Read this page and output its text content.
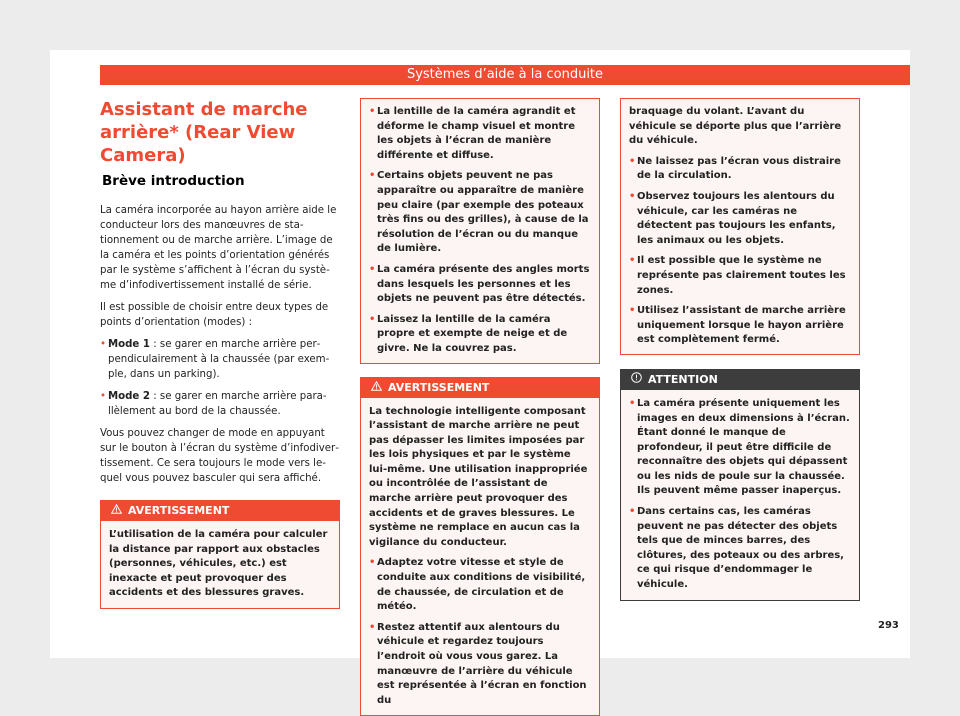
Systèmes d’aide à la conduite
Assistant de marche arrière* (Rear View Camera)
Brève introduction

La caméra incorporée au hayon arrière aide le conducteur lors des manœuvres de stationnement ou de marche arrière. L’image de la caméra et les points d’orientation générés par le système s’affichent à l’écran du système d’infodivertissement installé de série.

Il est possible de choisir entre deux types de points d’orientation (modes) :

• Mode 1 : se garer en marche arrière perpendiculairement à la chaussée (par exemple, dans un parking).

• Mode 2 : se garer en marche arrière parallèlement au bord de la chaussée.

Vous pouvez changer de mode en appuyant sur le bouton à l’écran du système d’infodivertissement. Ce sera toujours le mode vers lequel vous pouvez basculer qui sera affiché.

AVERTISSEMENT

L’utilisation de la caméra pour calculer la distance par rapport aux obstacles (personnes, véhicules, etc.) est inexacte et peut provoquer des accidents et des blessures graves.

• La lentille de la caméra agrandit et déforme le champ visuel et montre les objets à l’écran de manière différente et diffuse.

• Certains objets peuvent ne pas apparaître ou apparaître de manière peu claire (par exemple des poteaux très fins ou des grilles), à cause de la résolution de l’écran ou du manque de lumière.

• La caméra présente des angles morts dans lesquels les personnes et les objets ne peuvent pas être détectés.

• Laissez la lentille de la caméra propre et exempte de neige et de givre. Ne la couvrez pas.

AVERTISSEMENT

La technologie intelligente composant l’assistant de marche arrière ne peut pas dépasser les limites imposées par les lois physiques et par le système lui-même. Une utilisation inappropriée ou incontrôlée de l’assistant de marche arrière peut provoquer des accidents et de graves blessures. Le système ne remplace en aucun cas la vigilance du conducteur.

• Adaptez votre vitesse et style de conduite aux conditions de visibilité, de chaussée, de circulation et de météo.

• Restez attentif aux alentours du véhicule et regardez toujours l’endroit où vous vous garez. La manœuvre de l’arrière du véhicule est représentée à l’écran en fonction du

braquage du volant. L’avant du véhicule se déporte plus que l’arrière du véhicule.

• Ne laissez pas l’écran vous distraire de la circulation.

• Observez toujours les alentours du véhicule, car les caméras ne détectent pas toujours les enfants, les animaux ou les objets.

• Il est possible que le système ne représente pas clairement toutes les zones.

• Utilisez l’assistant de marche arrière uniquement lorsque le hayon arrière est complètement fermé.

ATTENTION

• La caméra présente uniquement les images en deux dimensions à l’écran. Étant donné le manque de profondeur, il peut être difficile de reconnaître des objets qui dépassent ou les nids de poule sur la chaussée. Ils peuvent même passer inaperçus.

• Dans certains cas, les caméras peuvent ne pas détecter des objets tels que de minces barres, des clôtures, des poteaux ou des arbres, ce qui risque d’endommager le véhicule.

293
